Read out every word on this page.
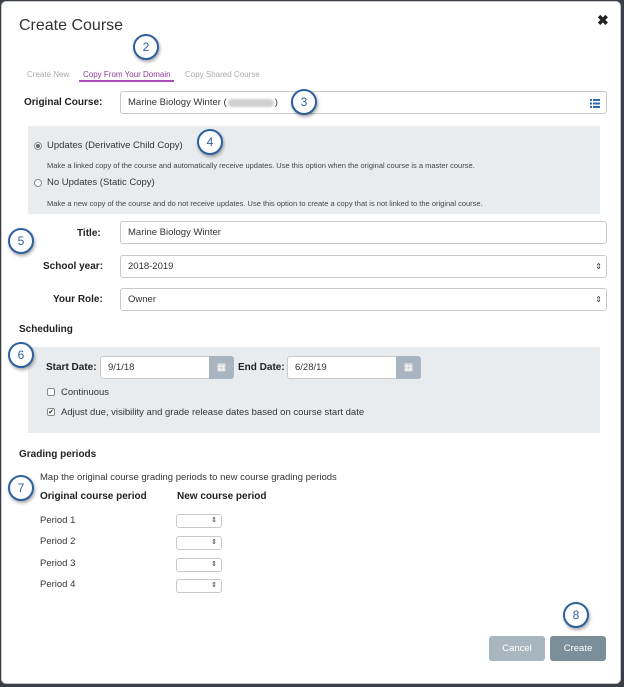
Create Course	✖
Create New Copy From Your Domain Copy Shared Course
Original Course:	Marine Biology Winter (	)
Updates (Derivative Child Copy)
Make a linked copy of the course and automatically receive updates. Use this option when the original course is a master course.
No Updates (Static Copy)
Make a new copy of the course and do not receive updates. Use this option to create a copy that is not linked to the original course.
Title:	Marine Biology Winter
School year:	2018-2019	⇕
Your Role:	Owner	⇕
Scheduling
Start Date:	9/1/18	▦	End Date:	6/28/19	▦
Continuous
✔ Adjust due, visibility and grade release dates based on course start date
Grading periods
Map the original course grading periods to new course grading periods
Original course period	New course period
Period 1	⇕
Period 2	⇕
Period 3	⇕
Period 4	⇕
Cancel	Create
2
3
4
5
6
7
8
